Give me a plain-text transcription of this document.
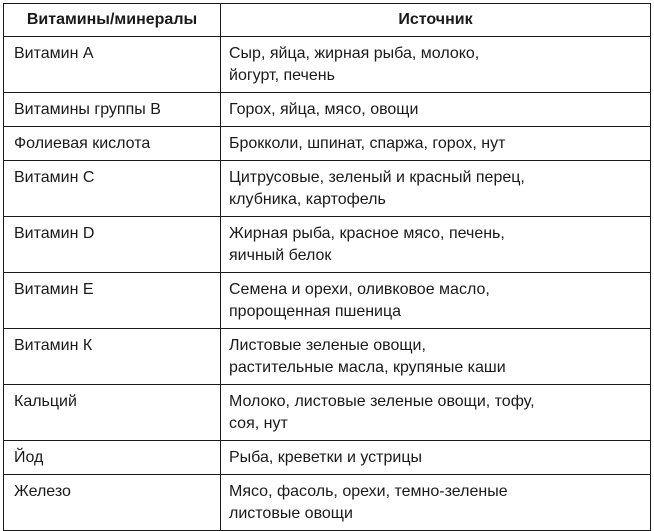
Витамины/минералы	Источник
Витамин А	Сыр, яйца, жирная рыба, молоко,
йогурт, печень

Витамины группы В	Горох, яйца, мясо, овощи

Фолиевая кислота	Брокколи, шпинат, спаржа, горох, нут

Витамин С	Цитрусовые, зеленый и красный перец,
клубника, картофель

Витамин D	Жирная рыба, красное мясо, печень,
яичный белок

Витамин Е	Семена и орехи, оливковое масло,
пророщенная пшеница

Витамин К	Листовые зеленые овощи,
растительные масла, крупяные каши

Кальций	Молоко, листовые зеленые овощи, тофу,
соя, нут

Йод	Рыба, креветки и устрицы

Железо	Мясо, фасоль, орехи, темно-зеленые
листовые овощи
